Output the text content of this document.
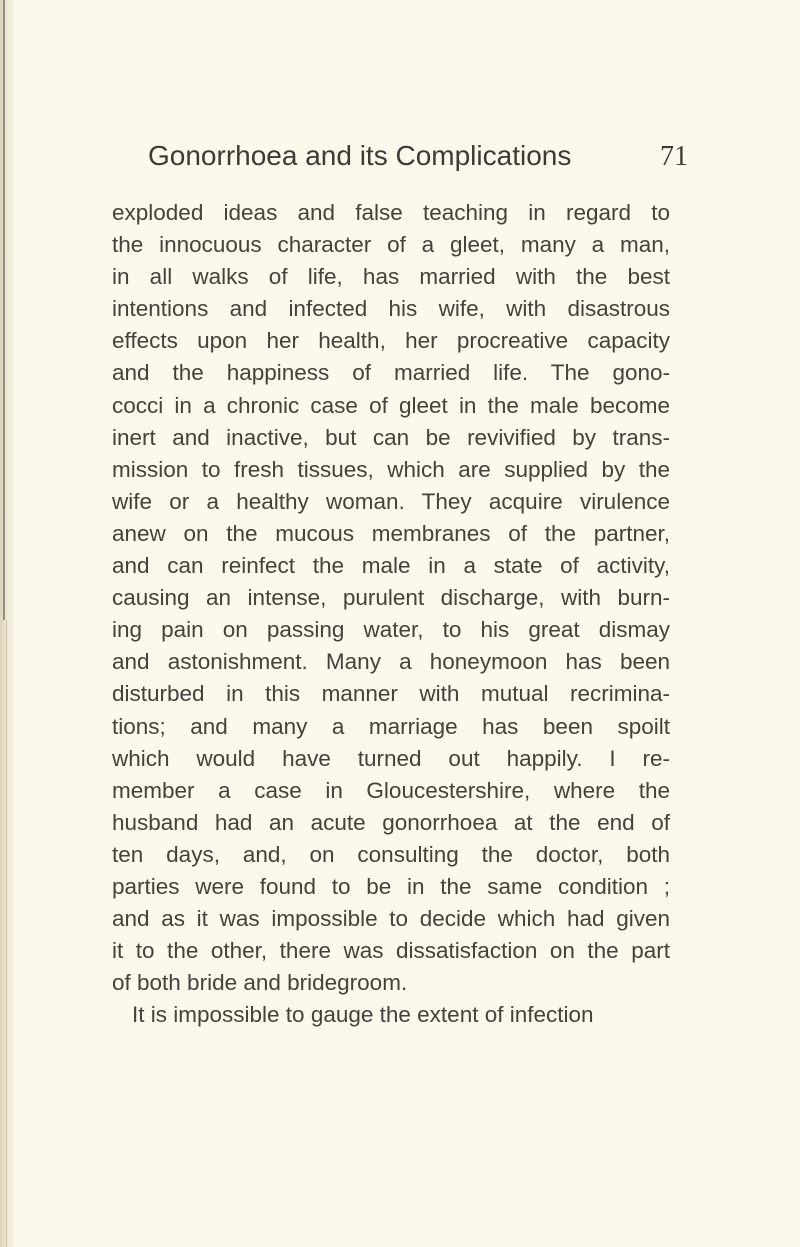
Gonorrhoea and its Complications	71
exploded ideas and false teaching in regard to
the innocuous character of a gleet, many a man,
in all walks of life, has married with the best
intentions and infected his wife, with disastrous
effects upon her health, her procreative capacity
and the happiness of married life. The gono-
cocci in a chronic case of gleet in the male become
inert and inactive, but can be revivified by trans-
mission to fresh tissues, which are supplied by the
wife or a healthy woman. They acquire virulence
anew on the mucous membranes of the partner,
and can reinfect the male in a state of activity,
causing an intense, purulent discharge, with burn-
ing pain on passing water, to his great dismay
and astonishment. Many a honeymoon has been
disturbed in this manner with mutual recrimina-
tions; and many a marriage has been spoilt
which would have turned out happily. I re-
member a case in Gloucestershire, where the
husband had an acute gonorrhoea at the end of
ten days, and, on consulting the doctor, both
parties were found to be in the same condition ;
and as it was impossible to decide which had given
it to the other, there was dissatisfaction on the part
of both bride and bridegroom.
It is impossible to gauge the extent of infection
